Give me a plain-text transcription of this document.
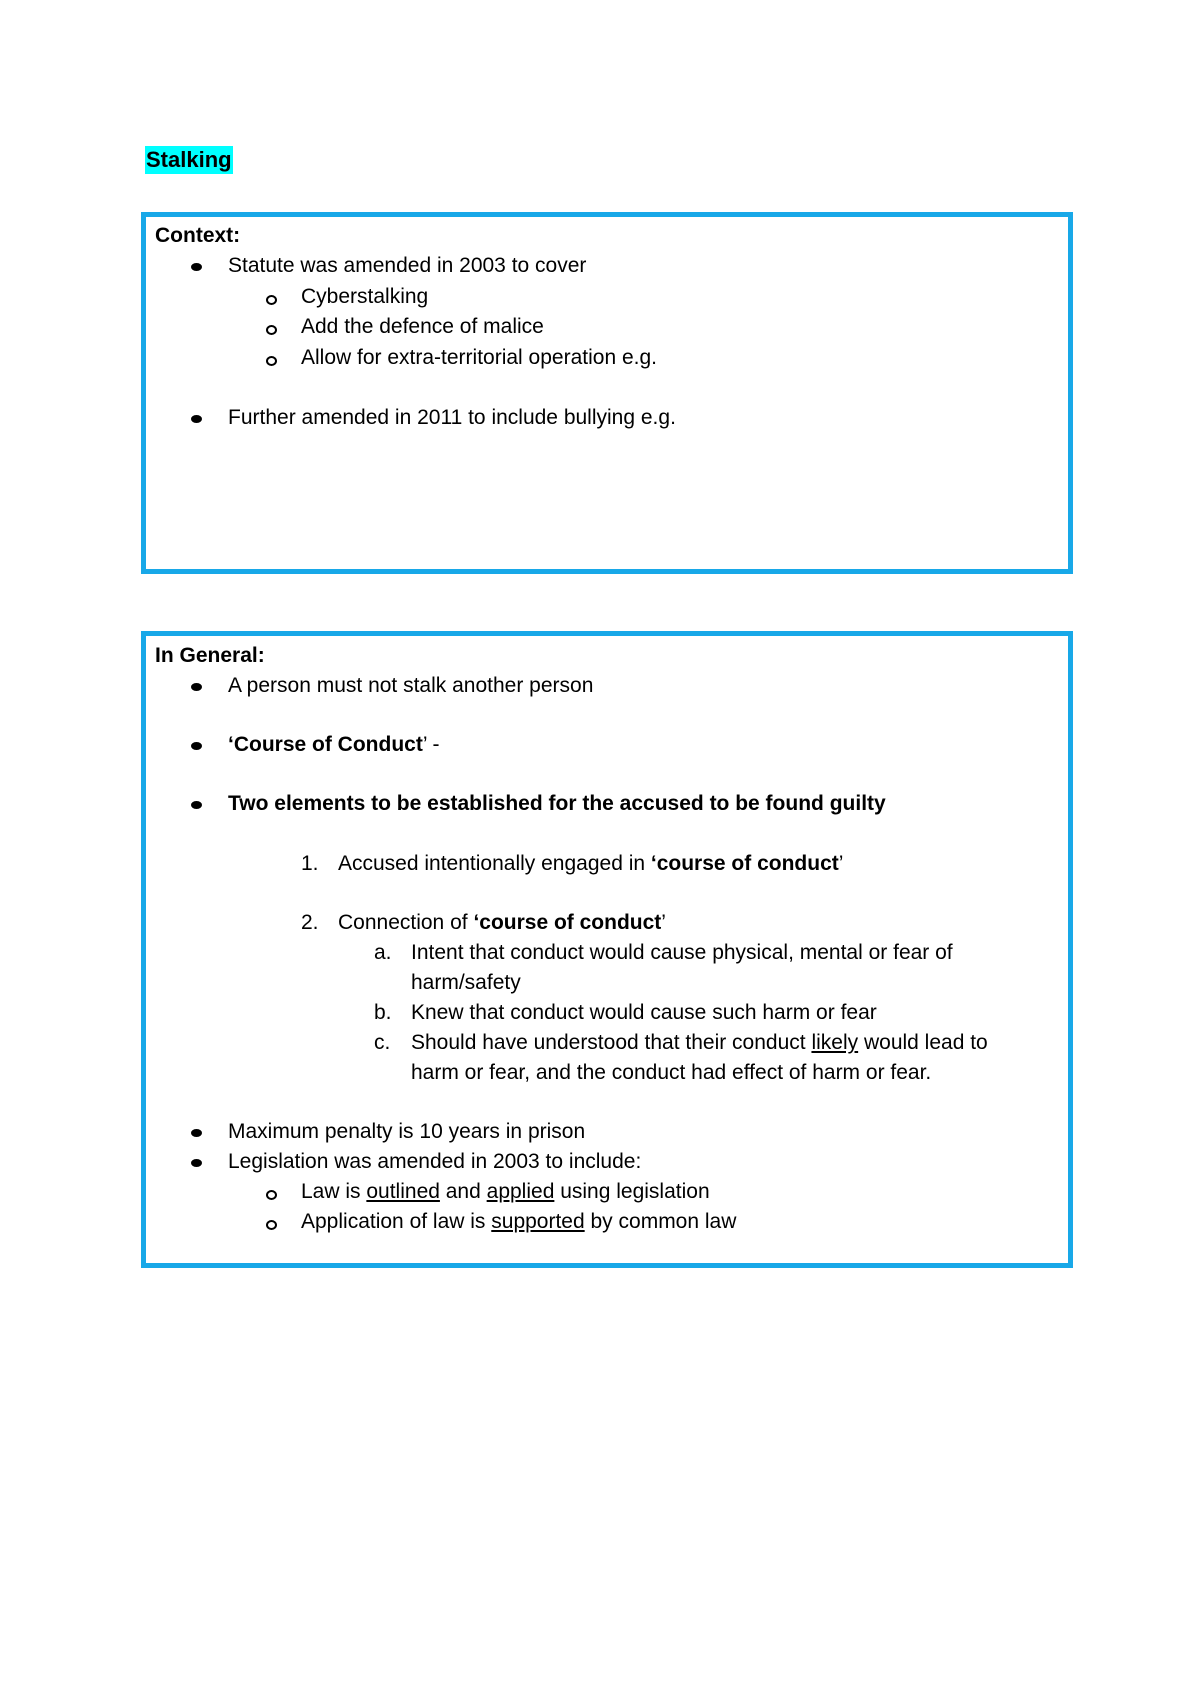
Stalking
Context:
Statute was amended in 2003 to cover
Cyberstalking
Add the defence of malice
Allow for extra-territorial operation e.g.
Further amended in 2011 to include bullying e.g.
In General:
A person must not stalk another person
‘Course of Conduct’ -
Two elements to be established for the accused to be found guilty
1. Accused intentionally engaged in ‘course of conduct’
2. Connection of ‘course of conduct’
a. Intent that conduct would cause physical, mental or fear of
harm/safety
b. Knew that conduct would cause such harm or fear
c. Should have understood that their conduct likely would lead to
harm or fear, and the conduct had effect of harm or fear.
Maximum penalty is 10 years in prison
Legislation was amended in 2003 to include:
Law is outlined and applied using legislation
Application of law is supported by common law
